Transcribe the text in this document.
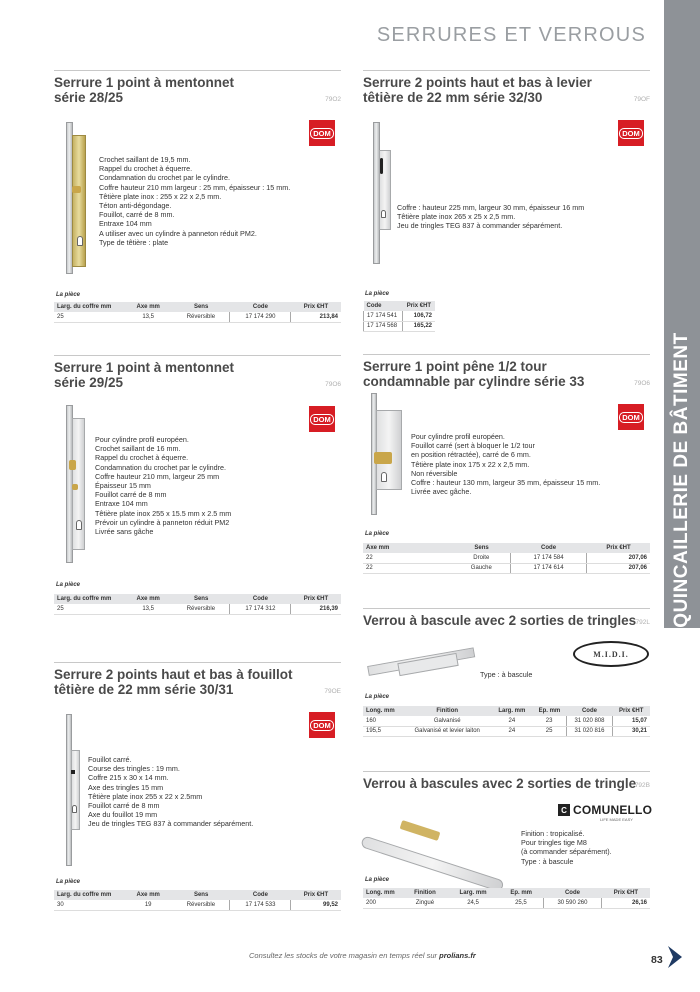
SERRURES ET VERROUS
QUINCAILLERIE DE BÂTIMENT
Serrure 1 point à mentonnet série 28/25	79O2
DOM
Crochet saillant de 19,5 mm.
Rappel du crochet à équerre.
Condamnation du crochet par le cylindre.
Coffre hauteur 210 mm largeur : 25 mm, épaisseur : 15 mm.
Têtière plate inox : 255 x 22 x 2,5 mm.
Téton anti-dégondage.
Fouillot, carré de 8 mm.
Entraxe 104 mm
A utiliser avec un cylindre à panneton réduit PM2.
Type de têtière : plate
La pièce
Larg. du coffre mm	Axe mm	Sens	Code	Prix €HT
25	13,5	Réversible	17 174 290	213,84
Serrure 2 points haut et bas à levier têtière de 22 mm série 32/30	79OF
DOM
Coffre : hauteur 225 mm, largeur 30 mm, épaisseur 16 mm
Têtière plate inox 265 x 25 x 2,5 mm.
Jeu de tringles TEG 837 à commander séparément.
La pièce
Code	Prix €HT
17 174 541	106,72
17 174 568	165,22
Serrure 1 point à mentonnet série 29/25	79O6
DOM
Pour cylindre profil européen.
Crochet saillant de 16 mm.
Rappel du crochet à équerre.
Condamnation du crochet par le cylindre.
Coffre hauteur 210 mm, largeur 25 mm
Épaisseur 15 mm
Fouillot carré de 8 mm
Entraxe 104 mm
Têtière plate inox 255 x 15.5 mm x 2.5 mm
Prévoir un cylindre à panneton réduit PM2
Livrée sans gâche
La pièce
Larg. du coffre mm	Axe mm	Sens	Code	Prix €HT
25	13,5	Réversible	17 174 312	216,39
Serrure 1 point pêne 1/2 tour condamnable par cylindre série 33	79O6
DOM
Pour cylindre profil européen.
Fouillot carré (sert à bloquer le 1/2 tour
en position rétractée), carré de 6 mm.
Têtière plate inox 175 x 22 x 2,5 mm.
Non réversible
Coffre : hauteur 130 mm, largeur 35 mm, épaisseur 15 mm.
Livrée avec gâche.
La pièce
Axe mm	Sens	Code	Prix €HT
22	Droite	17 174 584	207,06
22	Gauche	17 174 614	207,06
Serrure 2 points haut et bas à fouillot têtière de 22 mm série 30/31	79OE
DOM
Fouillot carré.
Course des tringles : 19 mm.
Coffre 215 x 30 x 14 mm.
Axe des tringles 15 mm
Têtière plate inox 255 x 22 x 2.5mm
Fouillot carré de 8 mm
Axe du fouillot 19 mm
Jeu de tringles TEG 837 à commander séparément.
La pièce
Larg. du coffre mm	Axe mm	Sens	Code	Prix €HT
30	19	Réversible	17 174 533	99,52
Verrou à bascule avec 2 sorties de tringles 792L
M.I.D.I.
Type : à bascule
La pièce
Long. mm	Finition	Larg. mm	Ep. mm	Code	Prix €HT
160	Galvanisé	24	23	31 020 808	15,07
195,5	Galvanisé et levier laiton	24	25	31 020 816	30,21
Verrou à bascules avec 2 sorties de tringle
792B
C COMUNELLO
LIFE MADE EASY
Finition : tropicalisé.
Pour tringles tige M8
(à commander séparément).
Type : à bascule
La pièce
Long. mm	Finition	Larg. mm	Ep. mm	Code	Prix €HT
200	Zingué	24,5	25,5	30 590 260	26,16
Consultez les stocks de votre magasin en temps réel sur prolians.fr	83
